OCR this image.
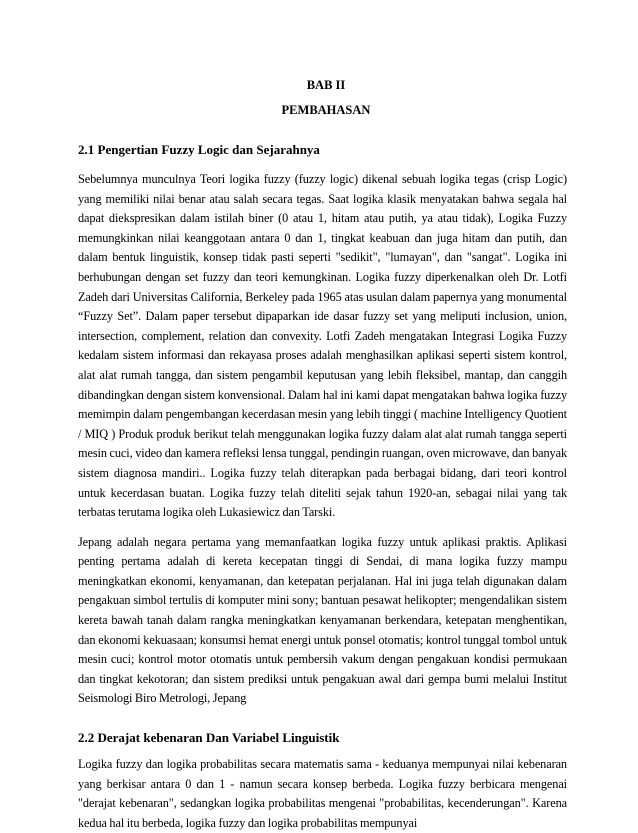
BAB II
PEMBAHASAN
2.1 Pengertian Fuzzy Logic dan Sejarahnya

Sebelumnya munculnya Teori logika fuzzy (fuzzy logic) dikenal sebuah logika tegas (crisp Logic) yang memiliki nilai benar atau salah secara tegas. Saat logika klasik menyatakan bahwa segala hal dapat diekspresikan dalam istilah biner (0 atau 1, hitam atau putih, ya atau tidak), Logika Fuzzy memungkinkan nilai keanggotaan antara 0 dan 1, tingkat keabuan dan juga hitam dan putih, dan dalam bentuk linguistik, konsep tidak pasti seperti "sedikit", "lumayan", dan "sangat". Logika ini berhubungan dengan set fuzzy dan teori kemungkinan. Logika fuzzy diperkenalkan oleh Dr. Lotfi Zadeh dari Universitas California, Berkeley pada 1965 atas usulan dalam papernya yang monumental “Fuzzy Set”. Dalam paper tersebut dipaparkan ide dasar fuzzy set yang meliputi inclusion, union, intersection, complement, relation dan convexity. Lotfi Zadeh mengatakan Integrasi Logika Fuzzy kedalam sistem informasi dan rekayasa proses adalah menghasilkan aplikasi seperti sistem kontrol, alat alat rumah tangga, dan sistem pengambil keputusan yang lebih fleksibel, mantap, dan canggih dibandingkan dengan sistem konvensional. Dalam hal ini kami dapat mengatakan bahwa logika fuzzy memimpin dalam pengembangan kecerdasan mesin yang lebih tinggi ( machine Intelligency Quotient / MIQ ) Produk produk berikut telah menggunakan logika fuzzy dalam alat alat rumah tangga seperti mesin cuci, video dan kamera refleksi lensa tunggal, pendingin ruangan, oven microwave, dan banyak sistem diagnosa mandiri.. Logika fuzzy telah diterapkan pada berbagai bidang, dari teori kontrol untuk kecerdasan buatan. Logika fuzzy telah diteliti sejak tahun 1920-an, sebagai nilai yang tak terbatas terutama logika oleh Lukasiewicz dan Tarski.

Jepang adalah negara pertama yang memanfaatkan logika fuzzy untuk aplikasi praktis. Aplikasi penting pertama adalah di kereta kecepatan tinggi di Sendai, di mana logika fuzzy mampu meningkatkan ekonomi, kenyamanan, dan ketepatan perjalanan. Hal ini juga telah digunakan dalam pengakuan simbol tertulis di komputer mini sony; bantuan pesawat helikopter; mengendalikan sistem kereta bawah tanah dalam rangka meningkatkan kenyamanan berkendara, ketepatan menghentikan, dan ekonomi kekuasaan; konsumsi hemat energi untuk ponsel otomatis; kontrol tunggal tombol untuk mesin cuci; kontrol motor otomatis untuk pembersih vakum dengan pengakuan kondisi permukaan dan tingkat kekotoran; dan sistem prediksi untuk pengakuan awal dari gempa bumi melalui Institut Seismologi Biro Metrologi, Jepang

2.2 Derajat kebenaran Dan Variabel Linguistik

Logika fuzzy dan logika probabilitas secara matematis sama - keduanya mempunyai nilai kebenaran yang berkisar antara 0 dan 1 - namun secara konsep berbeda. Logika fuzzy berbicara mengenai "derajat kebenaran", sedangkan logika probabilitas mengenai "probabilitas, kecenderungan". Karena kedua hal itu berbeda, logika fuzzy dan logika probabilitas mempunyai
